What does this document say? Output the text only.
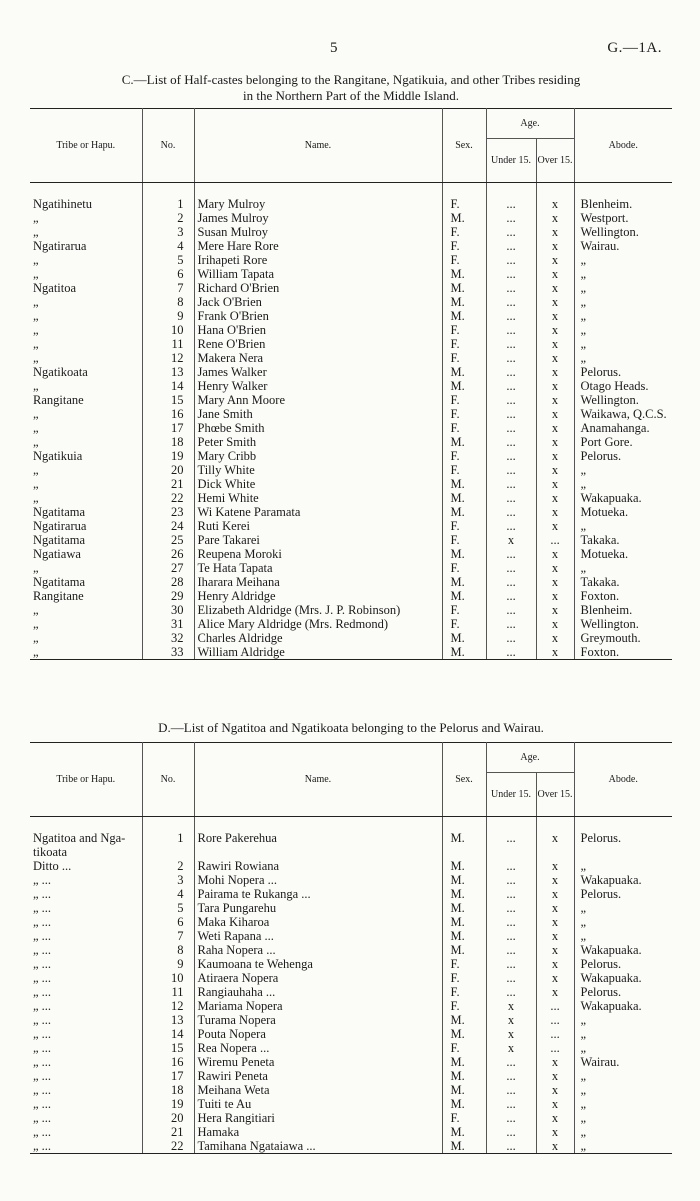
5	G.—1A.
C.—List of Half-castes belonging to the Rangitane, Ngatikuia, and other Tribes residing
in the Northern Part of the Middle Island.
Tribe or Hapu.	No.	Name.	Sex.	Age.		Abode.
				Under 15.	Over 15.	

Ngatihinetu	1	Mary Mulroy	F.	...	x	Blenheim.
„	2	James Mulroy	M.	...	x	Westport.
„	3	Susan Mulroy	F.	...	x	Wellington.
Ngatirarua	4	Mere Hare Rore	F.	...	x	Wairau.
„	5	Irihapeti Rore	F.	...	x	„
„	6	William Tapata	M.	...	x	„
Ngatitoa	7	Richard O'Brien	M.	...	x	„
„	8	Jack O'Brien	M.	...	x	„
„	9	Frank O'Brien	M.	...	x	„
„	10	Hana O'Brien	F.	...	x	„
„	11	Rene O'Brien	F.	...	x	„
„	12	Makera Nera	F.	...	x	„
Ngatikoata	13	James Walker	M.	...	x	Pelorus.
„	14	Henry Walker	M.	...	x	Otago Heads.
Rangitane	15	Mary Ann Moore	F.	...	x	Wellington.
„	16	Jane Smith	F.	...	x	Waikawa, Q.C.S.
„	17	Phœbe Smith	F.	...	x	Anamahanga.
„	18	Peter Smith	M.	...	x	Port Gore.
Ngatikuia	19	Mary Cribb	F.	...	x	Pelorus.
„	20	Tilly White	F.	...	x	„
„	21	Dick White	M.	...	x	„
„	22	Hemi White	M.	...	x	Wakapuaka.
Ngatitama	23	Wi Katene Paramata	M.	...	x	Motueka.
Ngatirarua	24	Ruti Kerei	F.	...	x	„
Ngatitama	25	Pare Takarei	F.	x	...	Takaka.
Ngatiawa	26	Reupena Moroki	M.	...	x	Motueka.
„	27	Te Hata Tapata	F.	...	x	„
Ngatitama	28	Iharara Meihana	M.	...	x	Takaka.
Rangitane	29	Henry Aldridge	M.	...	x	Foxton.
„	30	Elizabeth Aldridge (Mrs. J. P. Robinson)	F.	...	x	Blenheim.
„	31	Alice Mary Aldridge (Mrs. Redmond)	F.	...	x	Wellington.
„	32	Charles Aldridge	M.	...	x	Greymouth.
„	33	William Aldridge	M.	...	x	Foxton.
D.—List of Ngatitoa and Ngatikoata belonging to the Pelorus and Wairau.
Tribe or Hapu.	No.	Name.	Sex.	Age.		Abode.
				Under 15.	Over 15.	

Ngatitoa and Nga-tikoata	1	Rore Pakerehua	M.	...	x	Pelorus.
Ditto ...	2	Rawiri Rowiana	M.	...	x	„
„ ...	3	Mohi Nopera ...	M.	...	x	Wakapuaka.
„ ...	4	Pairama te Rukanga ...	M.	...	x	Pelorus.
„ ...	5	Tara Pungarehu	M.	...	x	„
„ ...	6	Maka Kiharoa	M.	...	x	„
„ ...	7	Weti Rapana ...	M.	...	x	„
„ ...	8	Raha Nopera ...	M.	...	x	Wakapuaka.
„ ...	9	Kaumoana te Wehenga	F.	...	x	Pelorus.
„ ...	10	Atiraera Nopera	F.	...	x	Wakapuaka.
„ ...	11	Rangiauhaha ...	F.	...	x	Pelorus.
„ ...	12	Mariama Nopera	F.	x	...	Wakapuaka.
„ ...	13	Turama Nopera	M.	x	...	„
„ ...	14	Pouta Nopera	M.	x	...	„
„ ...	15	Rea Nopera ...	F.	x	...	„
„ ...	16	Wiremu Peneta	M.	...	x	Wairau.
„ ...	17	Rawiri Peneta	M.	...	x	„
„ ...	18	Meihana Weta	M.	...	x	„
„ ...	19	Tuiti te Au	M.	...	x	„
„ ...	20	Hera Rangitiari	F.	...	x	„
„ ...	21	Hamaka	M.	...	x	„
„ ...	22	Tamihana Ngataiawa ...	M.	...	x	„
